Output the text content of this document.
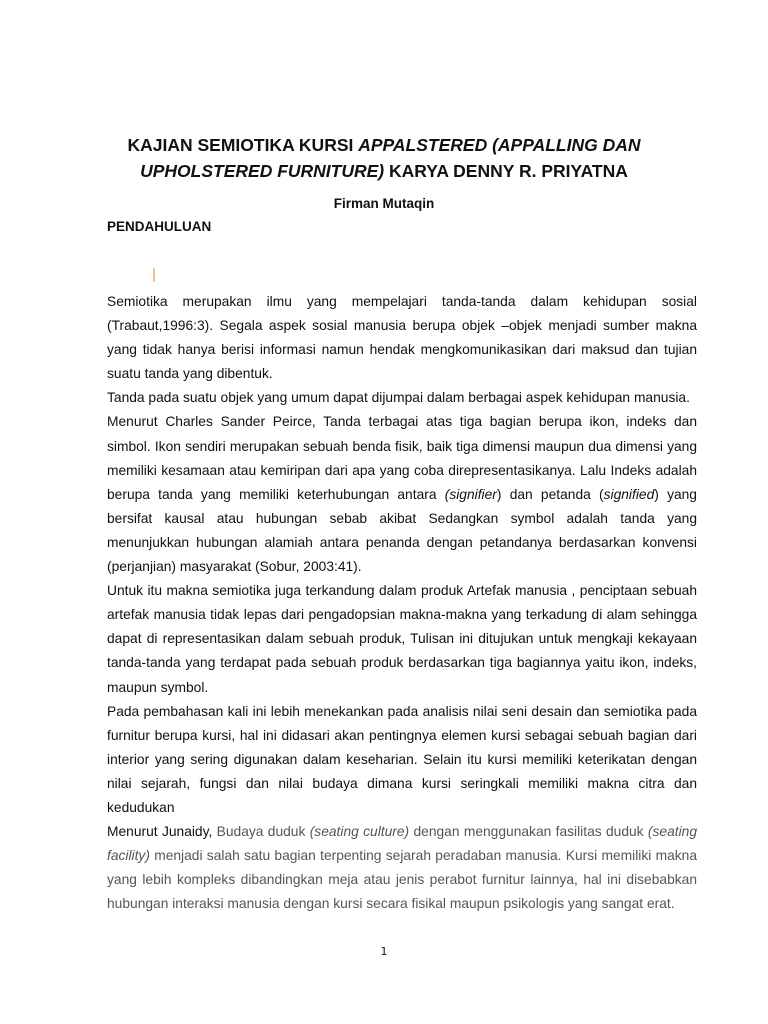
KAJIAN SEMIOTIKA KURSI APPALSTERED (APPALLING DAN UPHOLSTERED FURNITURE) KARYA DENNY R. PRIYATNA
Firman Mutaqin
PENDAHULUAN

Semiotika merupakan ilmu yang mempelajari tanda-tanda dalam kehidupan sosial (Trabaut,1996:3). Segala aspek sosial manusia berupa objek –objek menjadi sumber makna yang tidak hanya berisi informasi namun hendak mengkomunikasikan dari maksud dan tujian suatu tanda yang dibentuk.

Tanda pada suatu objek yang umum dapat dijumpai dalam berbagai aspek kehidupan manusia.

Menurut Charles Sander Peirce, Tanda terbagai atas tiga bagian berupa ikon, indeks dan simbol. Ikon sendiri merupakan sebuah benda fisik, baik tiga dimensi maupun dua dimensi yang memiliki kesamaan atau kemiripan dari apa yang coba direpresentasikanya. Lalu Indeks adalah berupa tanda yang memiliki keterhubungan antara (signifier) dan petanda (signified) yang bersifat kausal atau hubungan sebab akibat Sedangkan symbol adalah tanda yang menunjukkan hubungan alamiah antara penanda dengan petandanya berdasarkan konvensi (perjanjian) masyarakat (Sobur, 2003:41).

Untuk itu makna semiotika juga terkandung dalam produk Artefak manusia , penciptaan sebuah artefak manusia tidak lepas dari pengadopsian makna-makna yang terkadung di alam sehingga dapat di representasikan dalam sebuah produk, Tulisan ini ditujukan untuk mengkaji kekayaan tanda-tanda yang terdapat pada sebuah produk berdasarkan tiga bagiannya yaitu ikon, indeks, maupun symbol.

Pada pembahasan kali ini lebih menekankan pada analisis nilai seni desain dan semiotika pada furnitur berupa kursi, hal ini didasari akan pentingnya elemen kursi sebagai sebuah bagian dari interior yang sering digunakan dalam keseharian. Selain itu kursi memiliki keterikatan dengan nilai sejarah, fungsi dan nilai budaya dimana kursi seringkali memiliki makna citra dan kedudukan

Menurut Junaidy, Budaya duduk (seating culture) dengan menggunakan fasilitas duduk (seating facility) menjadi salah satu bagian terpenting sejarah peradaban manusia. Kursi memiliki makna yang lebih kompleks dibandingkan meja atau jenis perabot furnitur lainnya, hal ini disebabkan hubungan interaksi manusia dengan kursi secara fisikal maupun psikologis yang sangat erat.

1
